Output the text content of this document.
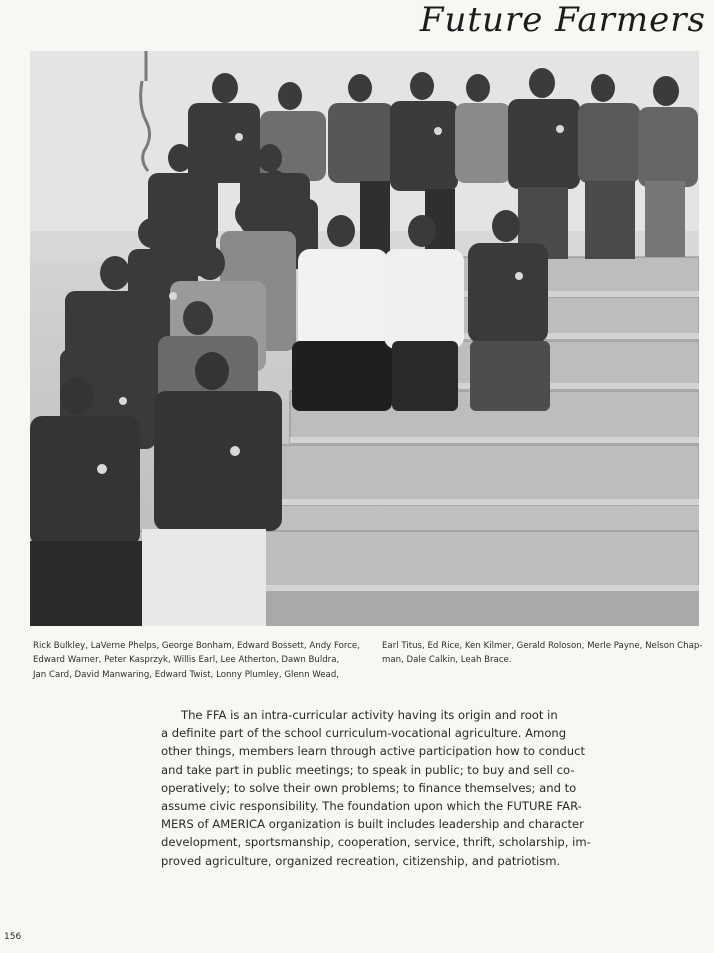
Future Farmers
Rick Bulkley, LaVerne Phelps, George Bonham, Edward Bossett, Andy Force,
Edward Warner, Peter Kasprzyk, Willis Earl, Lee Atherton, Dawn Buldra,
Jan Card, David Manwaring, Edward Twist, Lonny Plumley, Glenn Wead,
Earl Titus, Ed Rice, Ken Kilmer, Gerald Roloson, Merle Payne, Nelson Chap-
man, Dale Calkin, Leah Brace.
The FFA is an intra-curricular activity having its origin and root in
a definite part of the school curriculum-vocational agriculture. Among
other things, members learn through active participation how to conduct
and take part in public meetings; to speak in public; to buy and sell co-
operatively; to solve their own problems; to finance themselves; and to
assume civic responsibility. The foundation upon which the FUTURE FAR-
MERS of AMERICA organization is built includes leadership and character
development, sportsmanship, cooperation, service, thrift, scholarship, im-
proved agriculture, organized recreation, citizenship, and patriotism.
156
